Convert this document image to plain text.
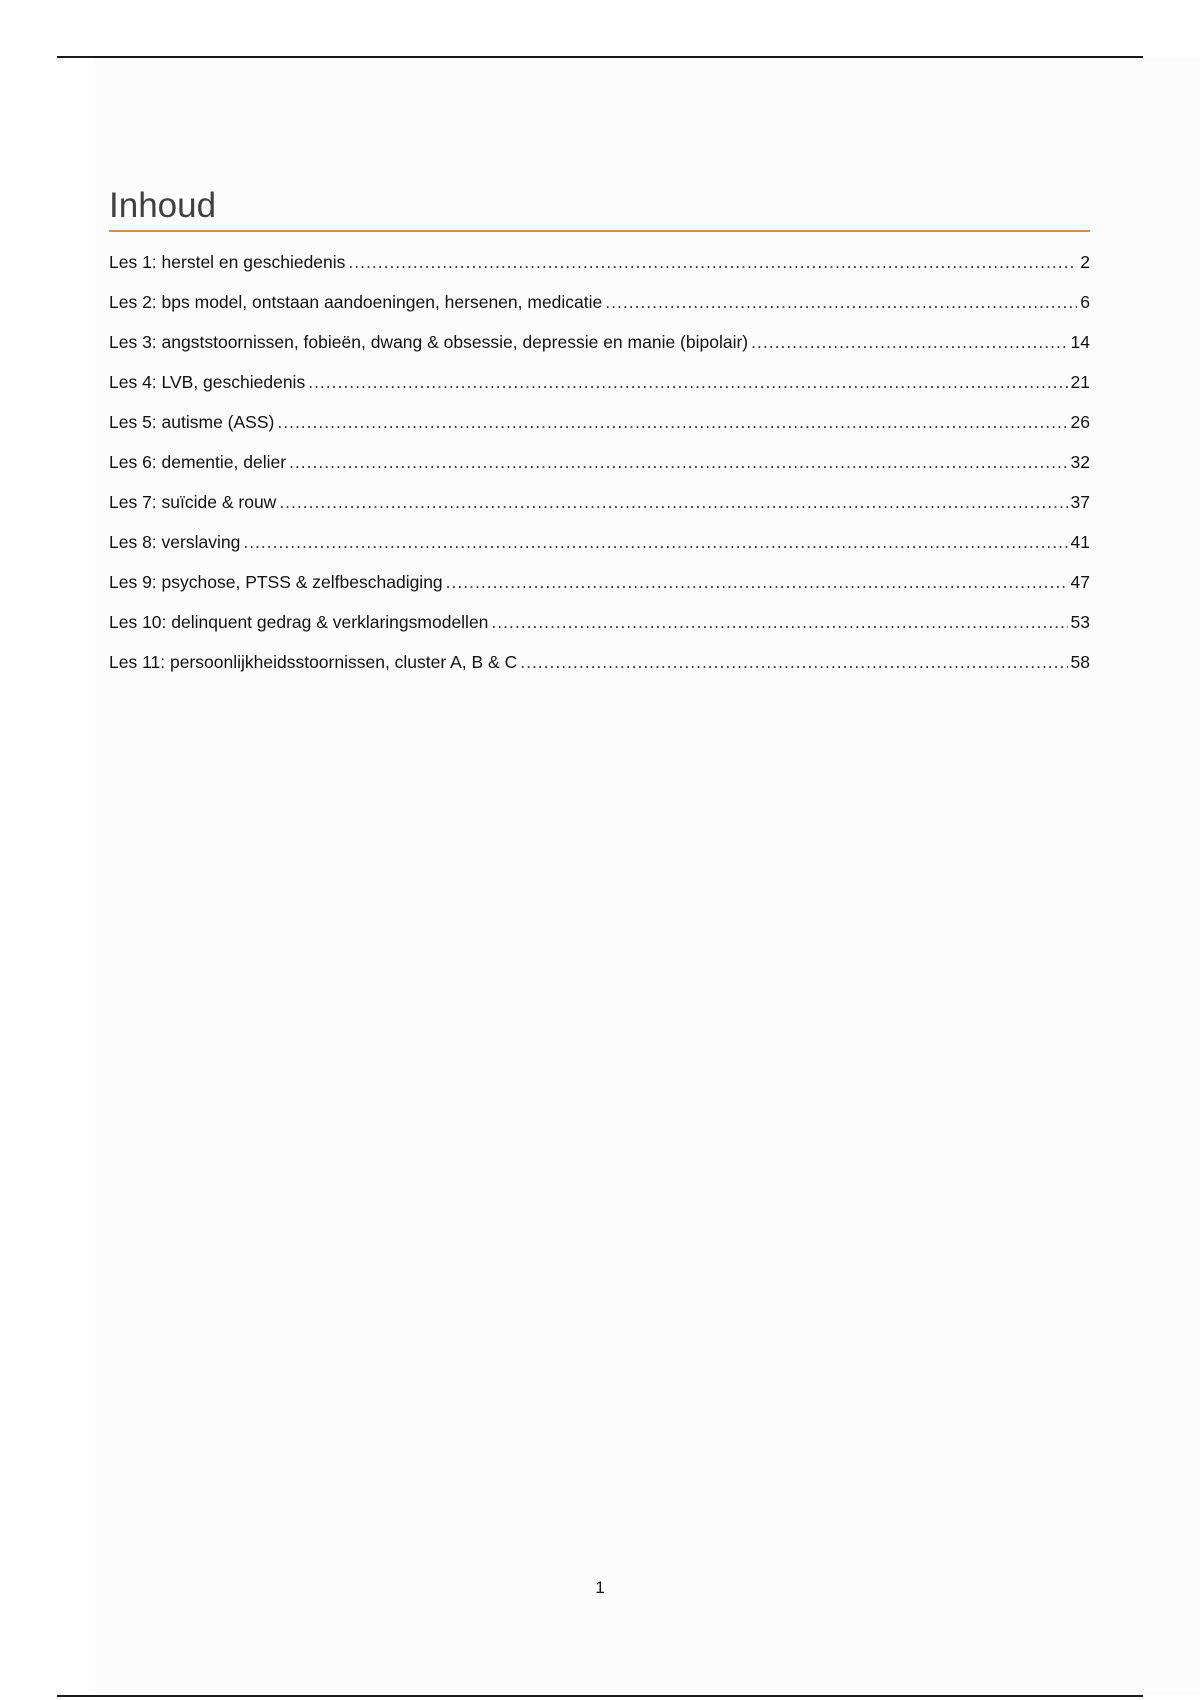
Inhoud
Les 1: herstel en geschiedenis .....	2
Les 2: bps model, ontstaan aandoeningen, hersenen, medicatie .....	6
Les 3: angststoornissen, fobieën, dwang & obsessie, depressie en manie (bipolair) .....	14
Les 4: LVB, geschiedenis .....	21
Les 5: autisme (ASS) .....	26
Les 6: dementie, delier .....	32
Les 7: suïcide & rouw .....	37
Les 8: verslaving .....	41
Les 9: psychose, PTSS & zelfbeschadiging .....	47
Les 10: delinquent gedrag & verklaringsmodellen .....	53
Les 11: persoonlijkheidsstoornissen, cluster A, B & C .....	58
1
